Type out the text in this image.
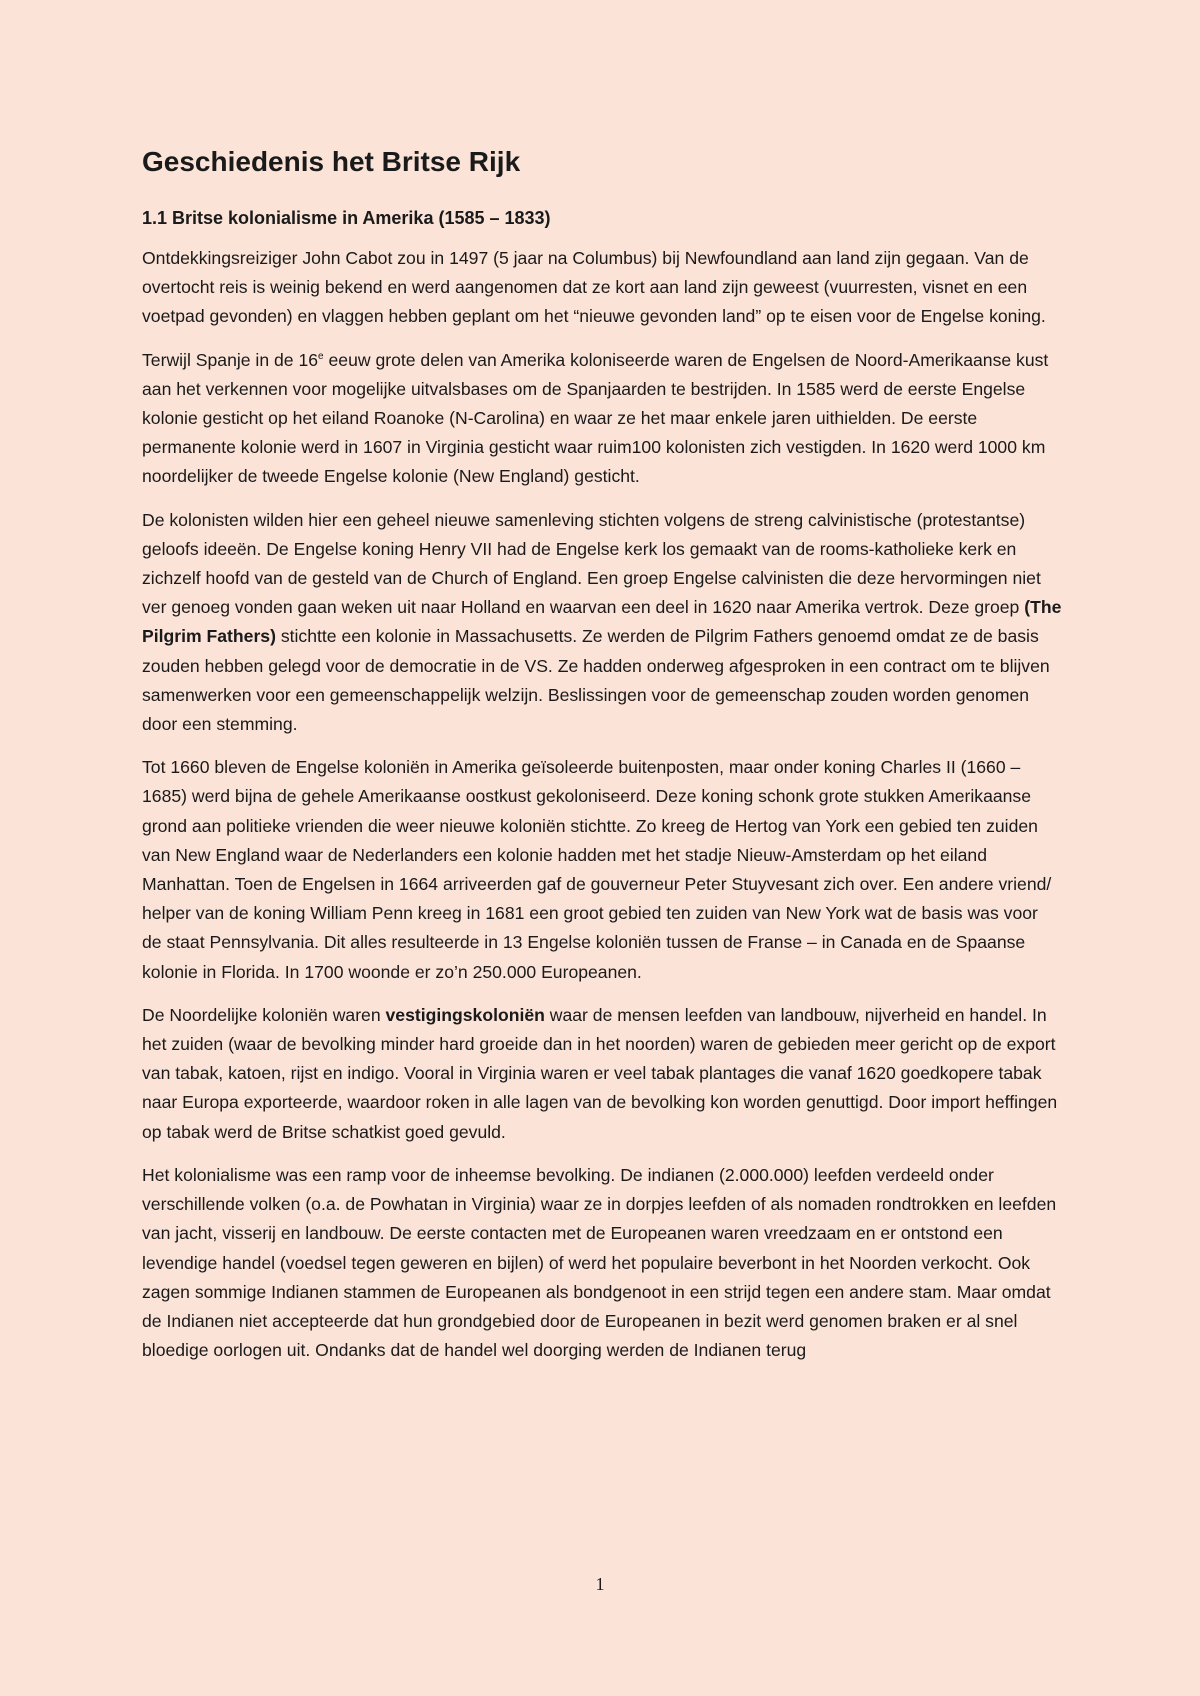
Geschiedenis het Britse Rijk
1.1 Britse kolonialisme in Amerika (1585 – 1833)

Ontdekkingsreiziger John Cabot zou in 1497 (5 jaar na Columbus) bij Newfoundland aan land zijn gegaan. Van de overtocht reis is weinig bekend en werd aangenomen dat ze kort aan land zijn geweest (vuurresten, visnet en een voetpad gevonden) en vlaggen hebben geplant om het “nieuwe gevonden land” op te eisen voor de Engelse koning.

Terwijl Spanje in de 16e eeuw grote delen van Amerika koloniseerde waren de Engelsen de Noord-Amerikaanse kust aan het verkennen voor mogelijke uitvalsbases om de Spanjaarden te bestrijden. In 1585 werd de eerste Engelse kolonie gesticht op het eiland Roanoke (N-Carolina) en waar ze het maar enkele jaren uithielden. De eerste permanente kolonie werd in 1607 in Virginia gesticht waar ruim100 kolonisten zich vestigden. In 1620 werd 1000 km noordelijker de tweede Engelse kolonie (New England) gesticht.

De kolonisten wilden hier een geheel nieuwe samenleving stichten volgens de streng calvinistische (protestantse) geloofs ideeën. De Engelse koning Henry VII had de Engelse kerk los gemaakt van de rooms-katholieke kerk en zichzelf hoofd van de gesteld van de Church of England. Een groep Engelse calvinisten die deze hervormingen niet ver genoeg vonden gaan weken uit naar Holland en waarvan een deel in 1620 naar Amerika vertrok. Deze groep (The Pilgrim Fathers) stichtte een kolonie in Massachusetts. Ze werden de Pilgrim Fathers genoemd omdat ze de basis zouden hebben gelegd voor de democratie in de VS. Ze hadden onderweg afgesproken in een contract om te blijven samenwerken voor een gemeenschappelijk welzijn. Beslissingen voor de gemeenschap zouden worden genomen door een stemming.

Tot 1660 bleven de Engelse koloniën in Amerika geïsoleerde buitenposten, maar onder koning Charles II (1660 – 1685) werd bijna de gehele Amerikaanse oostkust gekoloniseerd. Deze koning schonk grote stukken Amerikaanse grond aan politieke vrienden die weer nieuwe koloniën stichtte. Zo kreeg de Hertog van York een gebied ten zuiden van New England waar de Nederlanders een kolonie hadden met het stadje Nieuw-Amsterdam op het eiland Manhattan. Toen de Engelsen in 1664 arriveerden gaf de gouverneur Peter Stuyvesant zich over. Een andere vriend/ helper van de koning William Penn kreeg in 1681 een groot gebied ten zuiden van New York wat de basis was voor de staat Pennsylvania. Dit alles resulteerde in 13 Engelse koloniën tussen de Franse – in Canada en de Spaanse kolonie in Florida. In 1700 woonde er zo’n 250.000 Europeanen.

De Noordelijke koloniën waren vestigingskoloniën waar de mensen leefden van landbouw, nijverheid en handel. In het zuiden (waar de bevolking minder hard groeide dan in het noorden) waren de gebieden meer gericht op de export van tabak, katoen, rijst en indigo. Vooral in Virginia waren er veel tabak plantages die vanaf 1620 goedkopere tabak naar Europa exporteerde, waardoor roken in alle lagen van de bevolking kon worden genuttigd. Door import heffingen op tabak werd de Britse schatkist goed gevuld.

Het kolonialisme was een ramp voor de inheemse bevolking. De indianen (2.000.000) leefden verdeeld onder verschillende volken (o.a. de Powhatan in Virginia) waar ze in dorpjes leefden of als nomaden rondtrokken en leefden van jacht, visserij en landbouw. De eerste contacten met de Europeanen waren vreedzaam en er ontstond een levendige handel (voedsel tegen geweren en bijlen) of werd het populaire beverbont in het Noorden verkocht. Ook zagen sommige Indianen stammen de Europeanen als bondgenoot in een strijd tegen een andere stam. Maar omdat de Indianen niet accepteerde dat hun grondgebied door de Europeanen in bezit werd genomen braken er al snel bloedige oorlogen uit. Ondanks dat de handel wel doorging werden de Indianen terug

1
